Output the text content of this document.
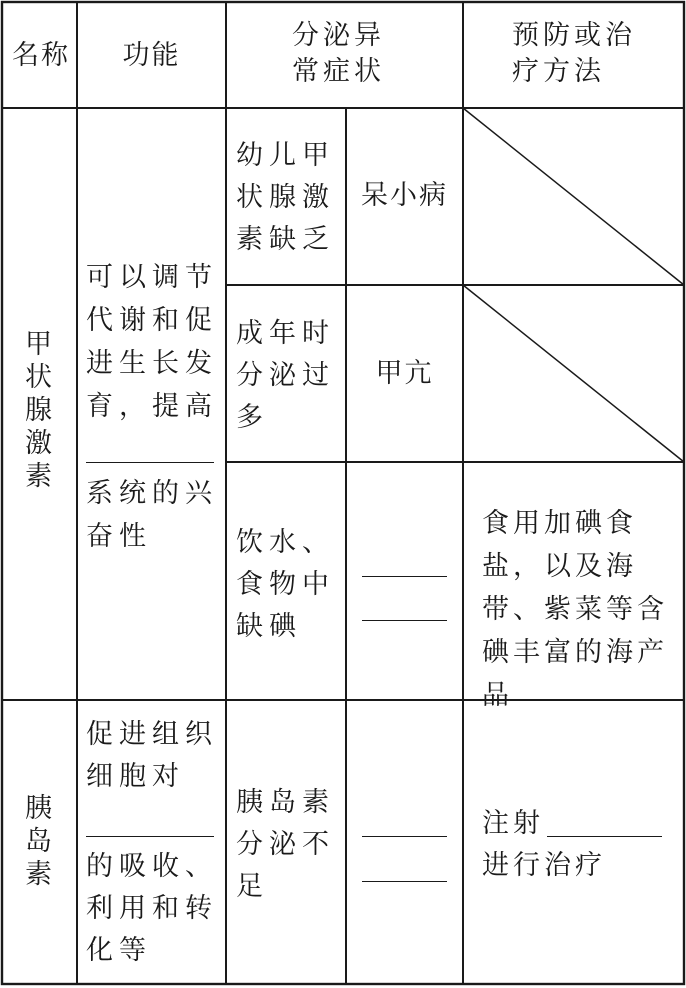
名称	功能
分泌异常症状
预防或治疗方法
甲状腺激素
可以调节代谢和促进生长发育，提高
系统的兴奋性
幼儿甲状腺激素缺乏
呆小病
成年时分泌过多
甲亢
饮水、食物中缺碘
食用加碘食盐，以及海带、紫菜等含碘丰富的海产品
胰岛素
促进组织细胞对
的吸收、利用和转化等
胰岛素分泌不足
注射
进行治疗
